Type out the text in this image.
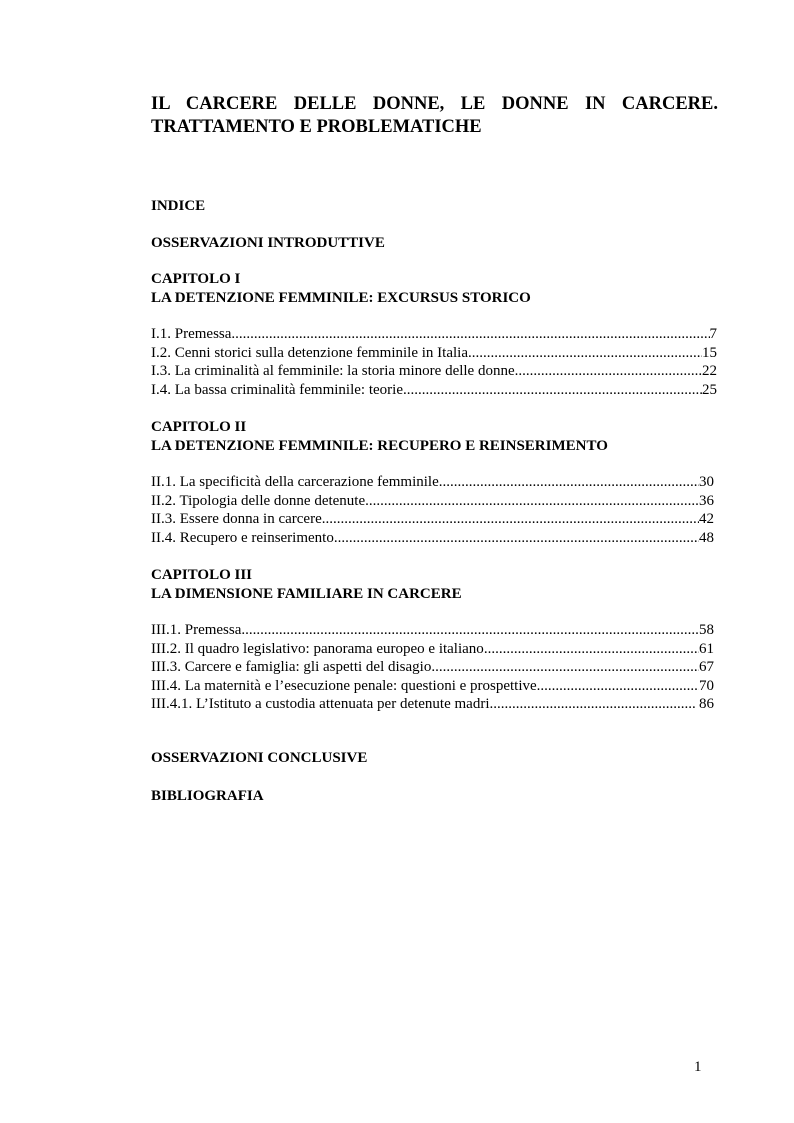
IL CARCERE DELLE DONNE, LE DONNE IN CARCERE.
TRATTAMENTO E PROBLEMATICHE

INDICE

OSSERVAZIONI INTRODUTTIVE

CAPITOLO I
LA DETENZIONE FEMMINILE: EXCURSUS STORICO
I.1. Premessa .....	7
I.2. Cenni storici sulla detenzione femminile in Italia .....	15
I.3. La criminalità al femminile: la storia minore delle donne .....	22
I.4. La bassa criminalità femminile: teorie .....	25
CAPITOLO II
LA DETENZIONE FEMMINILE: RECUPERO E REINSERIMENTO
II.1. La specificità della carcerazione femminile .....	30
II.2. Tipologia delle donne detenute .....	36
II.3. Essere donna in carcere .....	42
II.4. Recupero e reinserimento .....	48
CAPITOLO III
LA DIMENSIONE FAMILIARE IN CARCERE
III.1. Premessa .....	58
III.2. Il quadro legislativo: panorama europeo e italiano .....	61
III.3. Carcere e famiglia: gli aspetti del disagio .....	67
III.4. La maternità e l’esecuzione penale: questioni e prospettive .....	70
III.4.1. L’Istituto a custodia attenuata per detenute madri .....	86

OSSERVAZIONI CONCLUSIVE

BIBLIOGRAFIA

1
